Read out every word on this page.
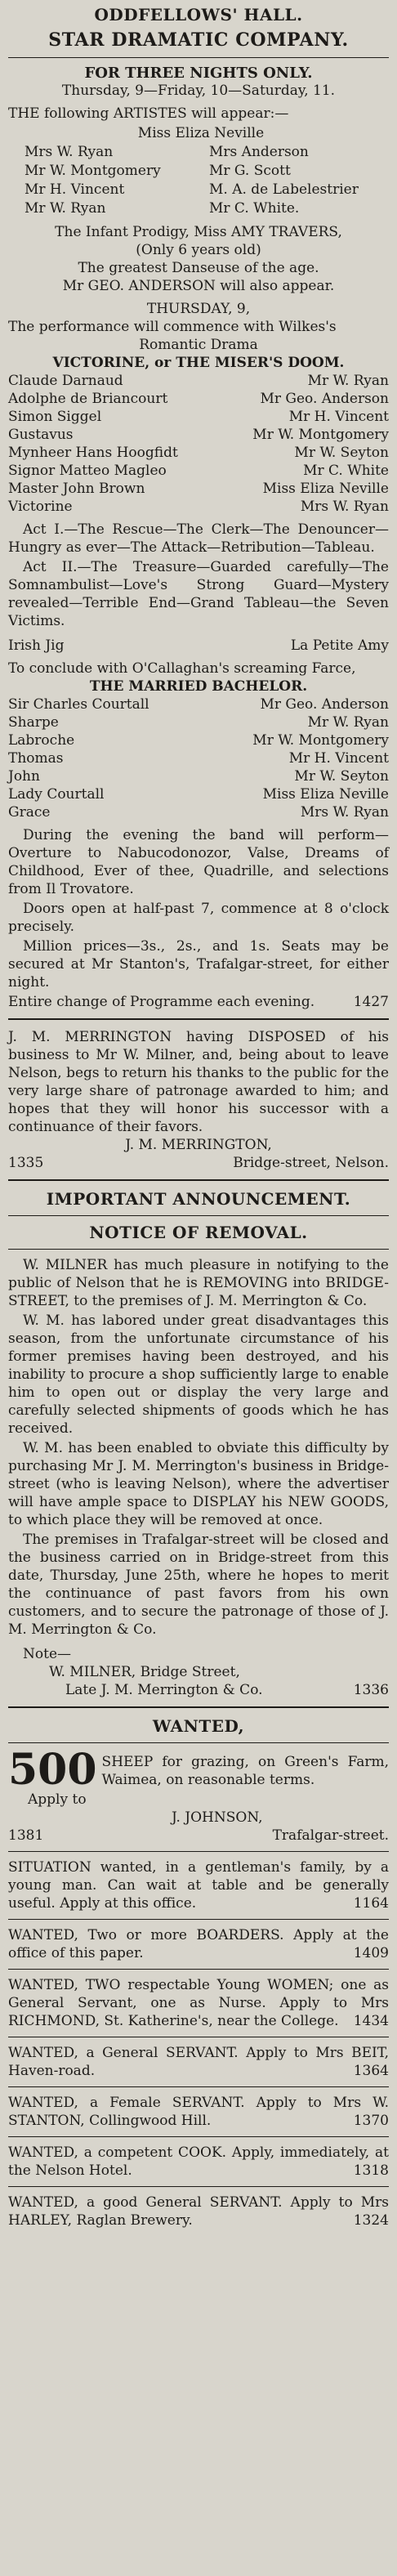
ODDFELLOWS' HALL.
STAR DRAMATIC COMPANY.
FOR THREE NIGHTS ONLY.
Thursday, 9—Friday, 10—Saturday, 11.
THE following ARTISTES will appear:—
Miss Eliza Neville
Mrs W. Ryan	Mrs Anderson
Mr W. Montgomery	Mr G. Scott
Mr H. Vincent	M. A. de Labelestrier
Mr W. Ryan	Mr C. White.
The Infant Prodigy, Miss AMY TRAVERS,
(Only 6 years old)
The greatest Danseuse of the age.
Mr GEO. ANDERSON will also appear.
THURSDAY, 9,
The performance will commence with Wilkes's
Romantic Drama
VICTORINE, or THE MISER'S DOOM.
Claude Darnaud	Mr W. Ryan
Adolphe de Briancourt	Mr Geo. Anderson
Simon Siggel	Mr H. Vincent
Gustavus	Mr W. Montgomery
Mynheer Hans Hoogfidt	Mr W. Seyton
Signor Matteo Magleo	Mr C. White
Master John Brown	Miss Eliza Neville
Victorine	Mrs W. Ryan

Act I.—The Rescue—The Clerk—The Denouncer—Hungry as ever—The Attack—Retribution—Tableau.

Act II.—The Treasure—Guarded carefully—The Somnambulist—Love's Strong Guard—Mystery revealed—Terrible End—Grand Tableau—the Seven Victims.

Irish Jig	La Petite Amy
To conclude with O'Callaghan's screaming Farce,
THE MARRIED BACHELOR.
Sir Charles Courtall	Mr Geo. Anderson
Sharpe	Mr W. Ryan
Labroche	Mr W. Montgomery
Thomas	Mr H. Vincent
John	Mr W. Seyton
Lady Courtall	Miss Eliza Neville
Grace	Mrs W. Ryan

During the evening the band will perform—Overture to Nabucodonozor, Valse, Dreams of Childhood, Ever of thee, Quadrille, and selections from Il Trovatore.

Doors open at half-past 7, commence at 8 o'clock precisely.

Million prices—3s., 2s., and 1s. Seats may be secured at Mr Stanton's, Trafalgar-street, for either night.

Entire change of Programme each evening.	1427

J. M. MERRINGTON having DISPOSED of his business to Mr W. Milner, and, being about to leave Nelson, begs to return his thanks to the public for the very large share of patronage awarded to him; and hopes that they will honor his successor with a continuance of their favors.

J. M. MERRINGTON,
1335	Bridge-street, Nelson.
IMPORTANT ANNOUNCEMENT.
NOTICE OF REMOVAL.

W. MILNER has much pleasure in notifying to the public of Nelson that he is REMOVING into BRIDGE-STREET, to the premises of J. M. Merrington & Co.

W. M. has labored under great disadvantages this season, from the unfortunate circumstance of his former premises having been destroyed, and his inability to procure a shop sufficiently large to enable him to open out or display the very large and carefully selected shipments of goods which he has received.

W. M. has been enabled to obviate this difficulty by purchasing Mr J. M. Merrington's business in Bridge-street (who is leaving Nelson), where the advertiser will have ample space to DISPLAY his NEW GOODS, to which place they will be removed at once.

The premises in Trafalgar-street will be closed and the business carried on in Bridge-street from this date, Thursday, June 25th, where he hopes to merit the continuance of past favors from his own customers, and to secure the patronage of those of J. M. Merrington & Co.

Note—
W. MILNER, Bridge Street,
Late J. M. Merrington & Co.	1336
WANTED,
500 SHEEP for grazing, on Green's Farm, Waimea, on reasonable terms.
Apply to
J. JOHNSON,
1381	Trafalgar-street.

SITUATION wanted, in a gentleman's family, by a young man. Can wait at table and be generally useful. Apply at this office.	1164

WANTED, Two or more BOARDERS. Apply at the office of this paper.	1409

WANTED, TWO respectable Young WOMEN; one as General Servant, one as Nurse. Apply to Mrs RICHMOND, St. Katherine's, near the College. 1434

WANTED, a General SERVANT. Apply to Mrs BEIT, Haven-road.	1364

WANTED, a Female SERVANT. Apply to Mrs W. STANTON, Collingwood Hill.	1370

WANTED, a competent COOK. Apply, immediately, at the Nelson Hotel.	1318

WANTED, a good General SERVANT. Apply to Mrs HARLEY, Raglan Brewery.	1324
